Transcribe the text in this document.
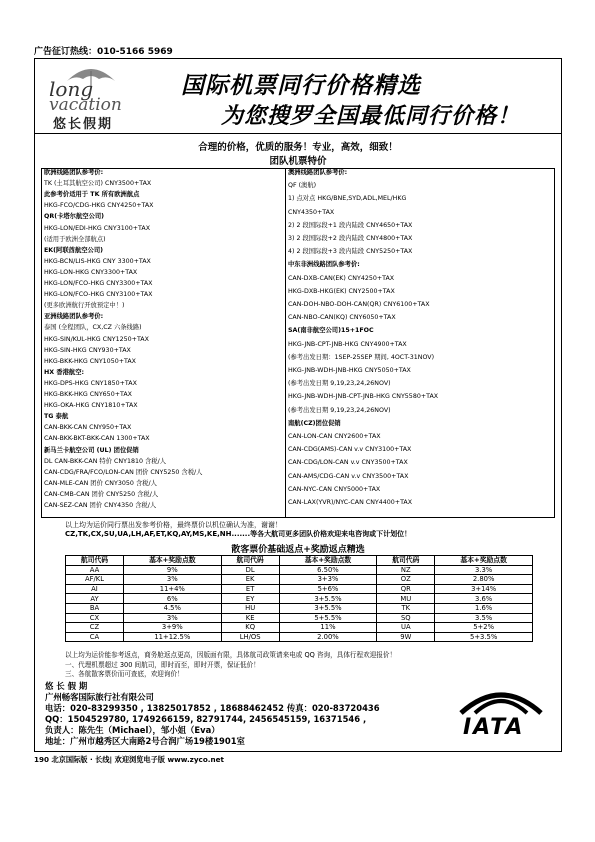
广告征订热线：010-5166 5969
long
vacation
悠长假期
国际机票同行价格精选
为您搜罗全国最低同行价格！
合理的价格，优质的服务！专业，高效，细致！
团队机票特价
欧洲线路团队参考价:
TK (土耳其航空公司) CNY3500+TAX
此参考价适用于 TK 所有欧洲航点
HKG-FCO/CDG-HKG CNY4250+TAX
QR(卡塔尔航空公司)
HKG-LON/EDI-HKG CNY3100+TAX
(适用于欧洲全部航点)
EK(阿联酋航空公司)
HKG-BCN/LIS-HKG CNY 3300+TAX
HKG-LON-HKG CNY3300+TAX
HKG-LON/FCO-HKG CNY3300+TAX
HKG-LON/FCO-HKG CNY3100+TAX
(更多欧洲航行开放预定中！)
亚洲线路团队参考价:
泰国 (全程团队，CX,CZ 六条线路)
HKG-SIN/KUL-HKG CNY1250+TAX
HKG-SIN-HKG CNY930+TAX
HKG-BKK-HKG CNY1050+TAX
HX 香港航空:
HKG-DPS-HKG CNY1850+TAX
HKG-BKK-HKG CNY650+TAX
HKG-OKA-HKG CNY1810+TAX
TG 泰航
CAN-BKK-CAN CNY950+TAX
CAN-BKK-BKT-BKK-CAN 1300+TAX
新马兰卡航空公司 (UL) 团位促销
DL CAN-BKK-CAN 特价 CNY1810 含税/人
CAN-CDG/FRA/FCO/LON-CAN 团价 CNY5250 含税/人
CAN-MLE-CAN 团价 CNY3050 含税/人
CAN-CMB-CAN 团价 CNY5250 含税/人
CAN-SEZ-CAN 团价 CNY4350 含税/人
澳洲线路团队参考价:
QF (澳航)
1) 点对点 HKG/BNE,SYD,ADL,MEL/HKG
CNY4350+TAX
2) 2 段国际段+1 段内陆段 CNY4650+TAX
3) 2 段国际段+2 段内陆段 CNY4800+TAX
4) 2 段国际段+3 段内陆段 CNY5250+TAX
中东非洲线路团队参考价:
CAN-DXB-CAN(EK) CNY4250+TAX
HKG-DXB-HKG(EK) CNY2500+TAX
CAN-DOH-NBO-DOH-CAN(QR) CNY6100+TAX
CAN-NBO-CAN(KQ) CNY6050+TAX
SA(南非航空公司)15+1FOC
HKG-JNB-CPT-JNB-HKG CNY4900+TAX
(参考出发日期：1SEP-25SEP 期间, 4OCT-31NOV)
HKG-JNB-WDH-JNB-HKG CNY5050+TAX
(参考出发日期 9,19,23,24,26NOV)
HKG-JNB-WDH-JNB-CPT-JNB-HKG CNY5580+TAX
(参考出发日期 9,19,23,24,26NOV)
南航(CZ)团位促销
CAN-LON-CAN CNY2600+TAX
CAN-CDG(AMS)-CAN v.v CNY3100+TAX
CAN-CDG/LON-CAN v.v CNY3500+TAX
CAN-AMS/CDG-CAN v.v CNY3500+TAX
CAN-NYC-CAN CNY5000+TAX
CAN-LAX(YVR)/NYC-CAN CNY4400+TAX
以上均为运价同行票出发参考价格，最终票价以机位确认为准，谢谢！
CZ,TK,CX,SU,UA,LH,AF,ET,KQ,AY,MS,KE,NH.......等各大航司更多团队价格欢迎来电咨询或下计划位！
散客票价基础返点+奖励返点精选
航司代码	基本+奖励点数	航司代码	基本+奖励点数	航司代码	基本+奖励点数
AA	9%	DL	6.50%	NZ	3.3%
AF/KL	3%	EK	3+3%	OZ	2.80%
AI	11+4%	ET	5+6%	QR	3+14%
AY	6%	EY	3+5.5%	MU	3.6%
BA	4.5%	HU	3+5.5%	TK	1.6%
CX	3%	KE	5+5.5%	SQ	3.5%
CZ	3+9%	KQ	11%	UA	5+2%
CA	11+12.5%	LH/OS	2.00%	9W	5+3.5%
以上均为运价能参考返点，商务舱返点更高，因版面有限，具体航司政策请来电或 QQ 咨询，具体行程欢迎报价！
一、代理机票超过 300 间航司，即时而至，即时开票，保证低价！
三、各航散客票价而可查底，欢迎询价！
悠 长 假 期
广州畅客国际旅行社有限公司
电话：020-83299350 , 13825017852 , 18688462452 传真：020-83720436
QQ：1504529780, 1749266159, 82791744, 2456545159, 16371546 ,
负责人：陈先生（Michael），邹小姐（Eva）
地址：广州市越秀区大南路2号合润广场19楼1901室
IATA
190 北京国际版 · 长线| 欢迎浏览电子版 www.zyco.net
